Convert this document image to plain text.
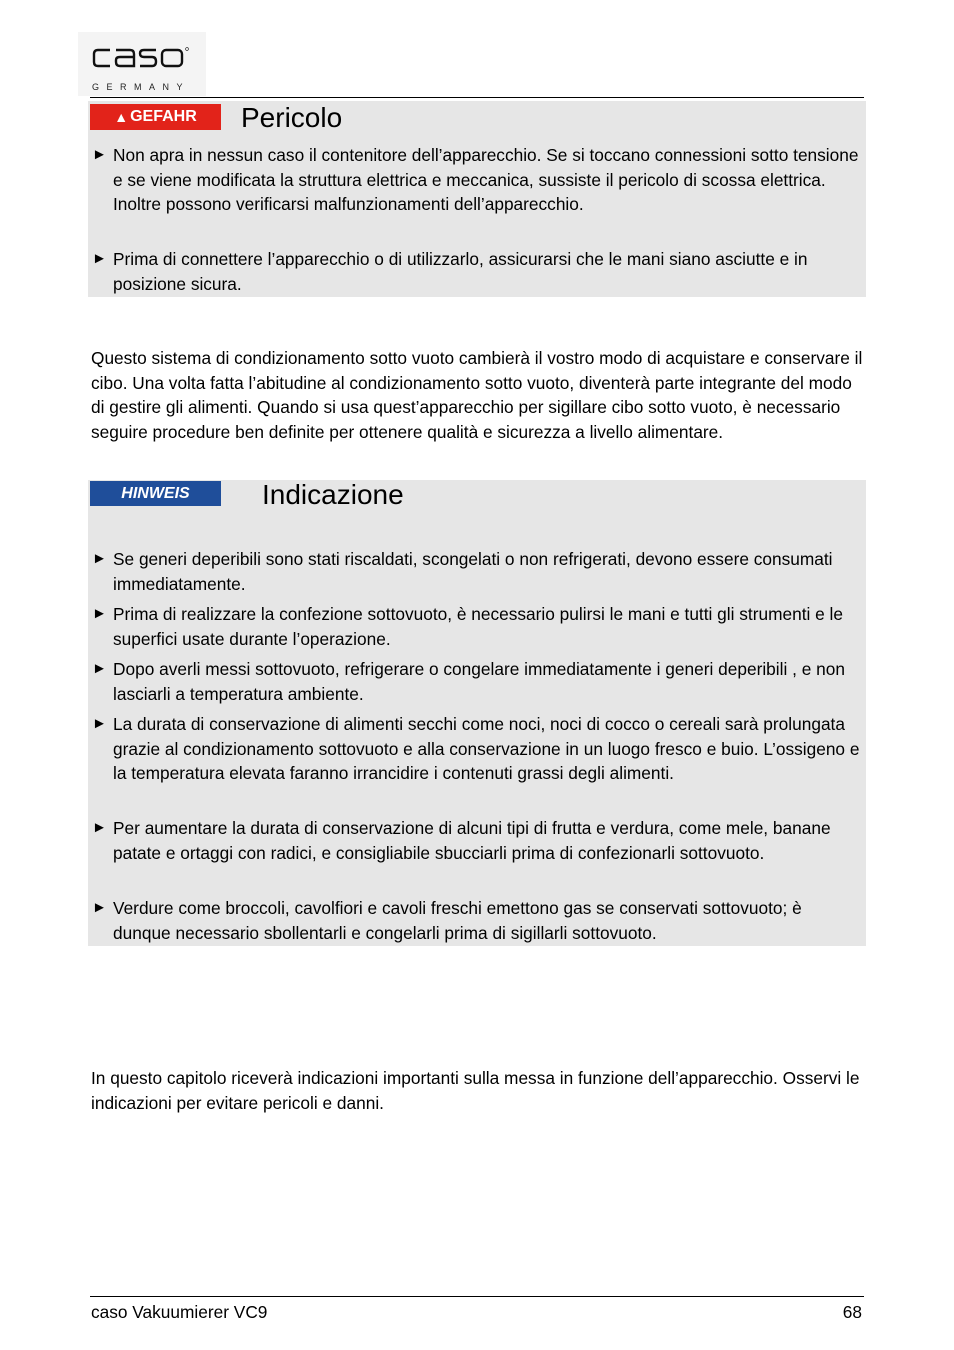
GERMANY
▲ GEFAHR Pericolo
► Non apra in nessun caso il contenitore dell’apparecchio. Se si toccano connessioni sotto tensione e se viene modificata la struttura elettrica e meccanica, sussiste il pericolo di scossa elettrica. Inoltre possono verificarsi malfunzionamenti dell’apparecchio.
► Prima di connettere l’apparecchio o di utilizzarlo, assicurarsi che le mani siano asciutte e in posizione sicura.
Questo sistema di condizionamento sotto vuoto cambierà il vostro modo di acquistare e conservare il cibo. Una volta fatta l’abitudine al condizionamento sotto vuoto, diventerà parte integrante del modo di gestire gli alimenti. Quando si usa quest’apparecchio per sigillare cibo sotto vuoto, è necessario seguire procedure ben definite per ottenere qualità e sicurezza a livello alimentare.
HINWEIS	Indicazione
► Se generi deperibili sono stati riscaldati, scongelati o non refrigerati, devono essere consumati immediatamente.
► Prima di realizzare la confezione sottovuoto, è necessario pulirsi le mani e tutti gli strumenti e le superfici usate durante l’operazione.
► Dopo averli messi sottovuoto, refrigerare o congelare immediatamente i generi deperibili , e non lasciarli a temperatura ambiente.
► La durata di conservazione di alimenti secchi come noci, noci di cocco o cereali sarà prolungata grazie al condizionamento sottovuoto e alla conservazione in un luogo fresco e buio. L’ossigeno e la temperatura elevata faranno irrancidire i contenuti grassi degli alimenti.
► Per aumentare la durata di conservazione di alcuni tipi di frutta e verdura, come mele, banane patate e ortaggi con radici, e consigliabile sbucciarli prima di confezionarli sottovuoto.
► Verdure come broccoli, cavolfiori e cavoli freschi emettono gas se conservati sottovuoto; è dunque necessario sbollentarli e congelarli prima di sigillarli sottovuoto.
In questo capitolo riceverà indicazioni importanti sulla messa in funzione dell’apparecchio. Osservi le indicazioni per evitare pericoli e danni.
caso Vakuumierer VC9	68
